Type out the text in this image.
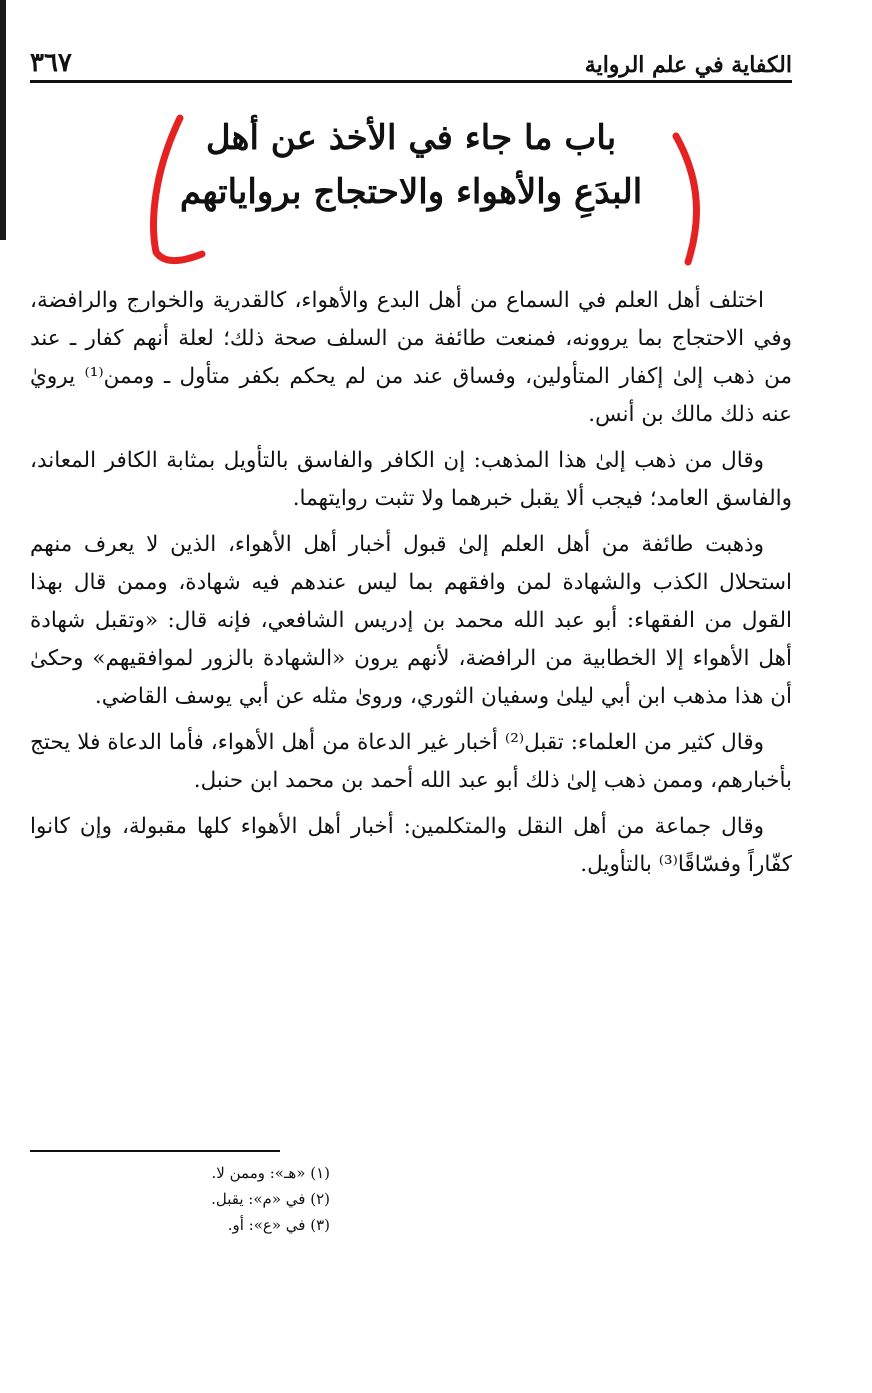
الكفاية في علم الرواية
٣٦٧
باب ما جاء في الأخذ عن أهل
البدَعِ والأهواء والاحتجاج برواياتهم

اختلف أهل العلم في السماع من أهل البدع والأهواء، كالقدرية والخوارج والرافضة، وفي الاحتجاج بما يروونه، فمنعت طائفة من السلف صحة ذلك؛ لعلة أنهم كفار ـ عند من ذهب إلىٰ إكفار المتأولين، وفساق عند من لم يحكم بكفر متأول ـ وممن⁽¹⁾ يرويٰ عنه ذلك مالك بن أنس.

وقال من ذهب إلىٰ هذا المذهب: إن الكافر والفاسق بالتأويل بمثابة الكافر المعاند، والفاسق العامد؛ فيجب ألا يقبل خبرهما ولا تثبت روايتهما.

وذهبت طائفة من أهل العلم إلىٰ قبول أخبار أهل الأهواء، الذين لا يعرف منهم استحلال الكذب والشهادة لمن وافقهم بما ليس عندهم فيه شهادة، وممن قال بهذا القول من الفقهاء: أبو عبد الله محمد بن إدريس الشافعي، فإنه قال: «وتقبل شهادة أهل الأهواء إلا الخطابية من الرافضة، لأنهم يرون «الشهادة بالزور لموافقيهم» وحكىٰ أن هذا مذهب ابن أبي ليلىٰ وسفيان الثوري، وروىٰ مثله عن أبي يوسف القاضي.

وقال كثير من العلماء: تقبل⁽²⁾ أخبار غير الدعاة من أهل الأهواء، فأما الدعاة فلا يحتج بأخبارهم، وممن ذهب إلىٰ ذلك أبو عبد الله أحمد بن محمد ابن حنبل.

وقال جماعة من أهل النقل والمتكلمين: أخبار أهل الأهواء كلها مقبولة، وإن كانوا كفّاراً وفسّاقًا⁽³⁾ بالتأويل.

(١) «هـ»: وممن لا.
(٢) في «م»: يقبل.
(٣) في «ع»: أو.
